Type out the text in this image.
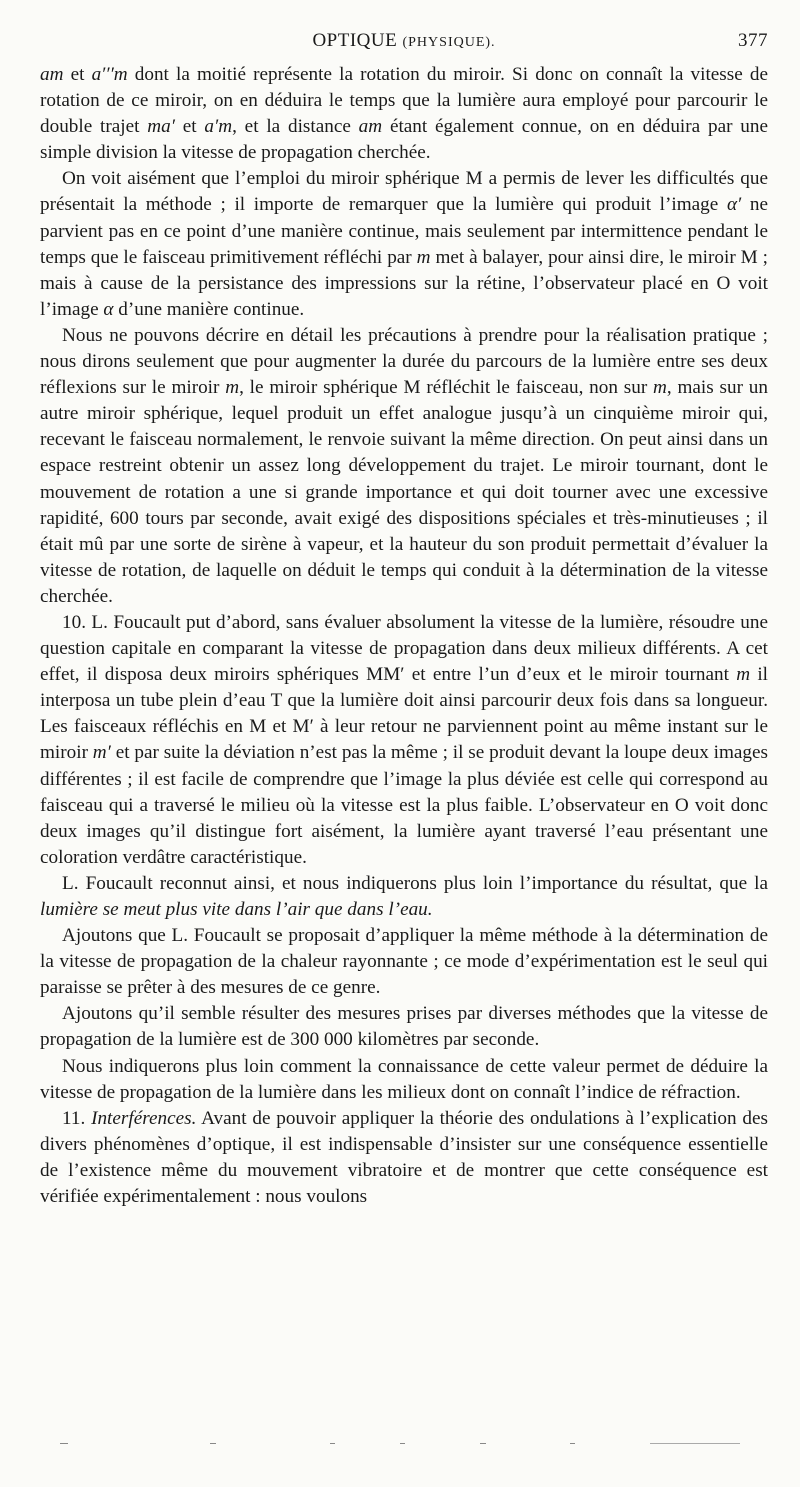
OPTIQUE (PHYSIQUE).	377

am et a′′′m dont la moitié représente la rotation du miroir. Si donc on connaît la vitesse de rotation de ce miroir, on en déduira le temps que la lumière aura employé pour parcourir le double trajet ma′ et a′m, et la distance am étant également connue, on en déduira par une simple division la vitesse de propagation cherchée.

On voit aisément que l’emploi du miroir sphérique M a permis de lever les difficultés que présentait la méthode ; il importe de remarquer que la lumière qui produit l’image α′ ne parvient pas en ce point d’une manière continue, mais seulement par intermittence pendant le temps que le faisceau primitivement réfléchi par m met à balayer, pour ainsi dire, le miroir M ; mais à cause de la persistance des impressions sur la rétine, l’observateur placé en O voit l’image α d’une manière continue.

Nous ne pouvons décrire en détail les précautions à prendre pour la réalisation pratique ; nous dirons seulement que pour augmenter la durée du parcours de la lumière entre ses deux réflexions sur le miroir m, le miroir sphérique M réfléchit le faisceau, non sur m, mais sur un autre miroir sphérique, lequel produit un effet analogue jusqu’à un cinquième miroir qui, recevant le faisceau normalement, le renvoie suivant la même direction. On peut ainsi dans un espace restreint obtenir un assez long développement du trajet. Le miroir tournant, dont le mouvement de rotation a une si grande importance et qui doit tourner avec une excessive rapidité, 600 tours par seconde, avait exigé des dispositions spéciales et très-minutieuses ; il était mû par une sorte de sirène à vapeur, et la hauteur du son produit permettait d’évaluer la vitesse de rotation, de laquelle on déduit le temps qui conduit à la détermination de la vitesse cherchée.

10. L. Foucault put d’abord, sans évaluer absolument la vitesse de la lumière, résoudre une question capitale en comparant la vitesse de propagation dans deux milieux différents. A cet effet, il disposa deux miroirs sphériques MM′ et entre l’un d’eux et le miroir tournant m il interposa un tube plein d’eau T que la lumière doit ainsi parcourir deux fois dans sa longueur. Les faisceaux réfléchis en M et M′ à leur retour ne parviennent point au même instant sur le miroir m′ et par suite la déviation n’est pas la même ; il se produit devant la loupe deux images différentes ; il est facile de comprendre que l’image la plus déviée est celle qui correspond au faisceau qui a traversé le milieu où la vitesse est la plus faible. L’observateur en O voit donc deux images qu’il distingue fort aisément, la lumière ayant traversé l’eau présentant une coloration verdâtre caractéristique.

L. Foucault reconnut ainsi, et nous indiquerons plus loin l’importance du résultat, que la lumière se meut plus vite dans l’air que dans l’eau.

Ajoutons que L. Foucault se proposait d’appliquer la même méthode à la détermination de la vitesse de propagation de la chaleur rayonnante ; ce mode d’expérimentation est le seul qui paraisse se prêter à des mesures de ce genre.

Ajoutons qu’il semble résulter des mesures prises par diverses méthodes que la vitesse de propagation de la lumière est de 300 000 kilomètres par seconde.

Nous indiquerons plus loin comment la connaissance de cette valeur permet de déduire la vitesse de propagation de la lumière dans les milieux dont on connaît l’indice de réfraction.

11. Interférences. Avant de pouvoir appliquer la théorie des ondulations à l’explication des divers phénomènes d’optique, il est indispensable d’insister sur une conséquence essentielle de l’existence même du mouvement vibratoire et de montrer que cette conséquence est vérifiée expérimentalement : nous voulons
